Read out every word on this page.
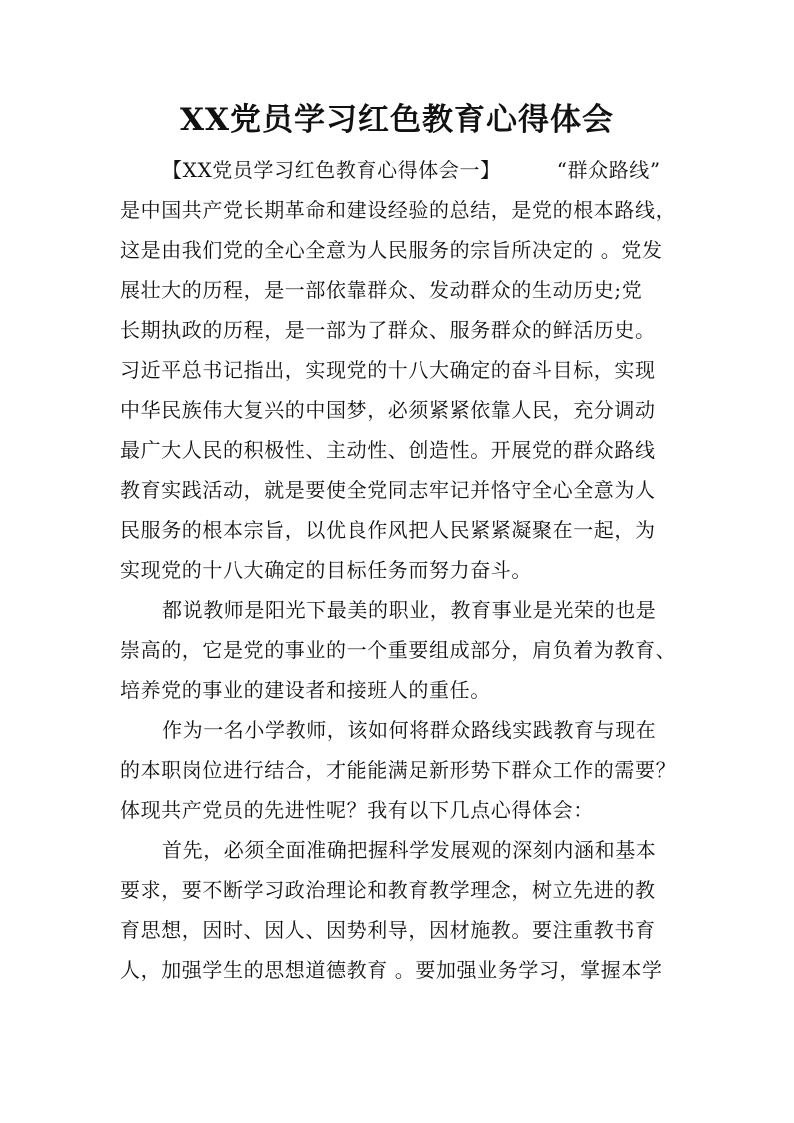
XX党员学习红色教育心得体会
【XX党员学习红色教育心得体会一】	“群众路线”
是中国共产党长期革命和建设经验的总结，是党的根本路线，
这是由我们党的全心全意为人民服务的宗旨所决定的 。党发
展壮大的历程，是一部依靠群众、发动群众的生动历史;党
长期执政的历程，是一部为了群众、服务群众的鲜活历史。
习近平总书记指出，实现党的十八大确定的奋斗目标，实现
中华民族伟大复兴的中国梦，必须紧紧依靠人民，充分调动
最广大人民的积极性、主动性、创造性。开展党的群众路线
教育实践活动，就是要使全党同志牢记并恪守全心全意为人
民服务的根本宗旨，以优良作风把人民紧紧凝聚在一起，为
实现党的十八大确定的目标任务而努力奋斗。
都说教师是阳光下最美的职业，教育事业是光荣的也是
崇高的，它是党的事业的一个重要组成部分，肩负着为教育、
培养党的事业的建设者和接班人的重任。
作为一名小学教师，该如何将群众路线实践教育与现在
的本职岗位进行结合，才能能满足新形势下群众工作的需要？
体现共产党员的先进性呢？我有以下几点心得体会：
首先，必须全面准确把握科学发展观的深刻内涵和基本
要求，要不断学习政治理论和教育教学理念，树立先进的教
育思想，因时、因人、因势利导，因材施教。要注重教书育
人，加强学生的思想道德教育 。要加强业务学习，掌握本学
